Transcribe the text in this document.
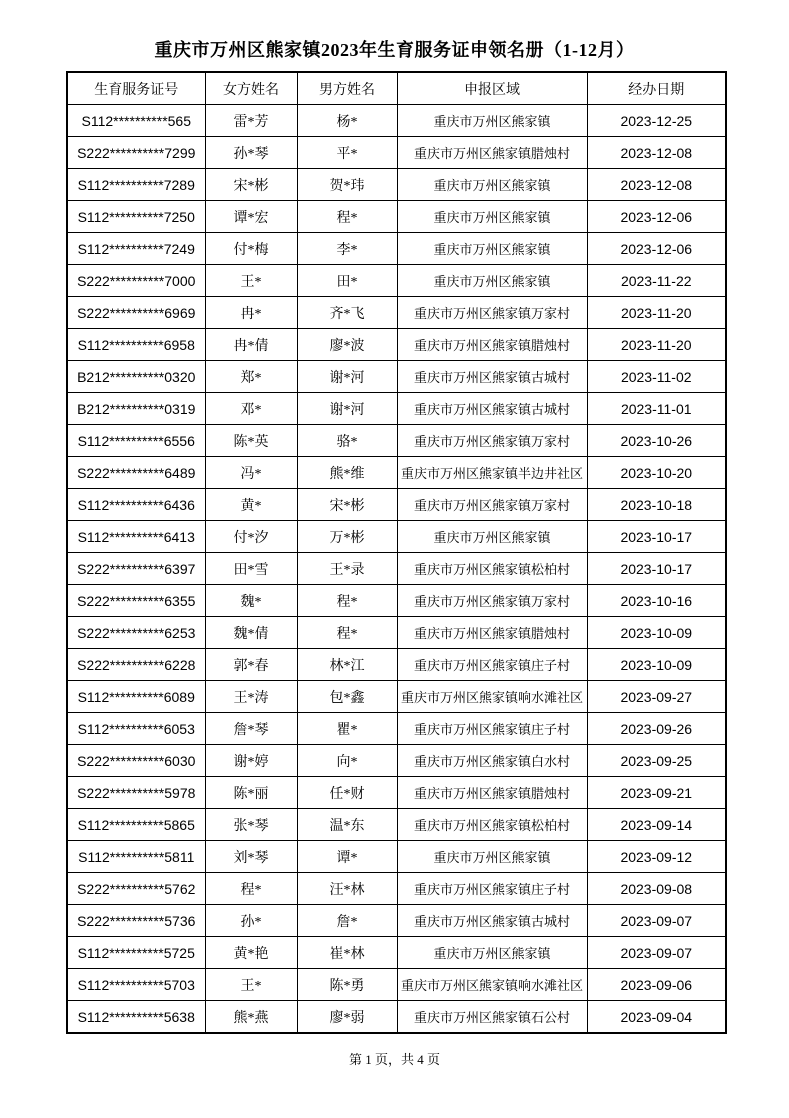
重庆市万州区熊家镇2023年生育服务证申领名册（1-12月）
生育服务证号	女方姓名	男方姓名	申报区域	经办日期
S112**********565	雷*芳	杨*	重庆市万州区熊家镇	2023-12-25
S222**********7299	孙*琴	平*	重庆市万州区熊家镇腊烛村	2023-12-08
S112**********7289	宋*彬	贺*玮	重庆市万州区熊家镇	2023-12-08
S112**********7250	谭*宏	程*	重庆市万州区熊家镇	2023-12-06
S112**********7249	付*梅	李*	重庆市万州区熊家镇	2023-12-06
S222**********7000	王*	田*	重庆市万州区熊家镇	2023-11-22
S222**********6969	冉*	齐*飞	重庆市万州区熊家镇万家村	2023-11-20
S112**********6958	冉*倩	廖*波	重庆市万州区熊家镇腊烛村	2023-11-20
B212**********0320	郑*	谢*河	重庆市万州区熊家镇古城村	2023-11-02
B212**********0319	邓*	谢*河	重庆市万州区熊家镇古城村	2023-11-01
S112**********6556	陈*英	骆*	重庆市万州区熊家镇万家村	2023-10-26
S222**********6489	冯*	熊*维	重庆市万州区熊家镇半边井社区	2023-10-20
S112**********6436	黄*	宋*彬	重庆市万州区熊家镇万家村	2023-10-18
S112**********6413	付*汐	万*彬	重庆市万州区熊家镇	2023-10-17
S222**********6397	田*雪	王*录	重庆市万州区熊家镇松柏村	2023-10-17
S222**********6355	魏*	程*	重庆市万州区熊家镇万家村	2023-10-16
S222**********6253	魏*倩	程*	重庆市万州区熊家镇腊烛村	2023-10-09
S222**********6228	郭*春	林*江	重庆市万州区熊家镇庄子村	2023-10-09
S112**********6089	王*涛	包*鑫	重庆市万州区熊家镇响水滩社区	2023-09-27
S112**********6053	詹*琴	瞿*	重庆市万州区熊家镇庄子村	2023-09-26
S222**********6030	谢*婷	向*	重庆市万州区熊家镇白水村	2023-09-25
S222**********5978	陈*丽	任*财	重庆市万州区熊家镇腊烛村	2023-09-21
S112**********5865	张*琴	温*东	重庆市万州区熊家镇松柏村	2023-09-14
S112**********5811	刘*琴	谭*	重庆市万州区熊家镇	2023-09-12
S222**********5762	程*	汪*林	重庆市万州区熊家镇庄子村	2023-09-08
S222**********5736	孙*	詹*	重庆市万州区熊家镇古城村	2023-09-07
S112**********5725	黄*艳	崔*林	重庆市万州区熊家镇	2023-09-07
S112**********5703	王*	陈*勇	重庆市万州区熊家镇响水滩社区	2023-09-06
S112**********5638	熊*燕	廖*弱	重庆市万州区熊家镇石公村	2023-09-04
第 1 页，共 4 页
